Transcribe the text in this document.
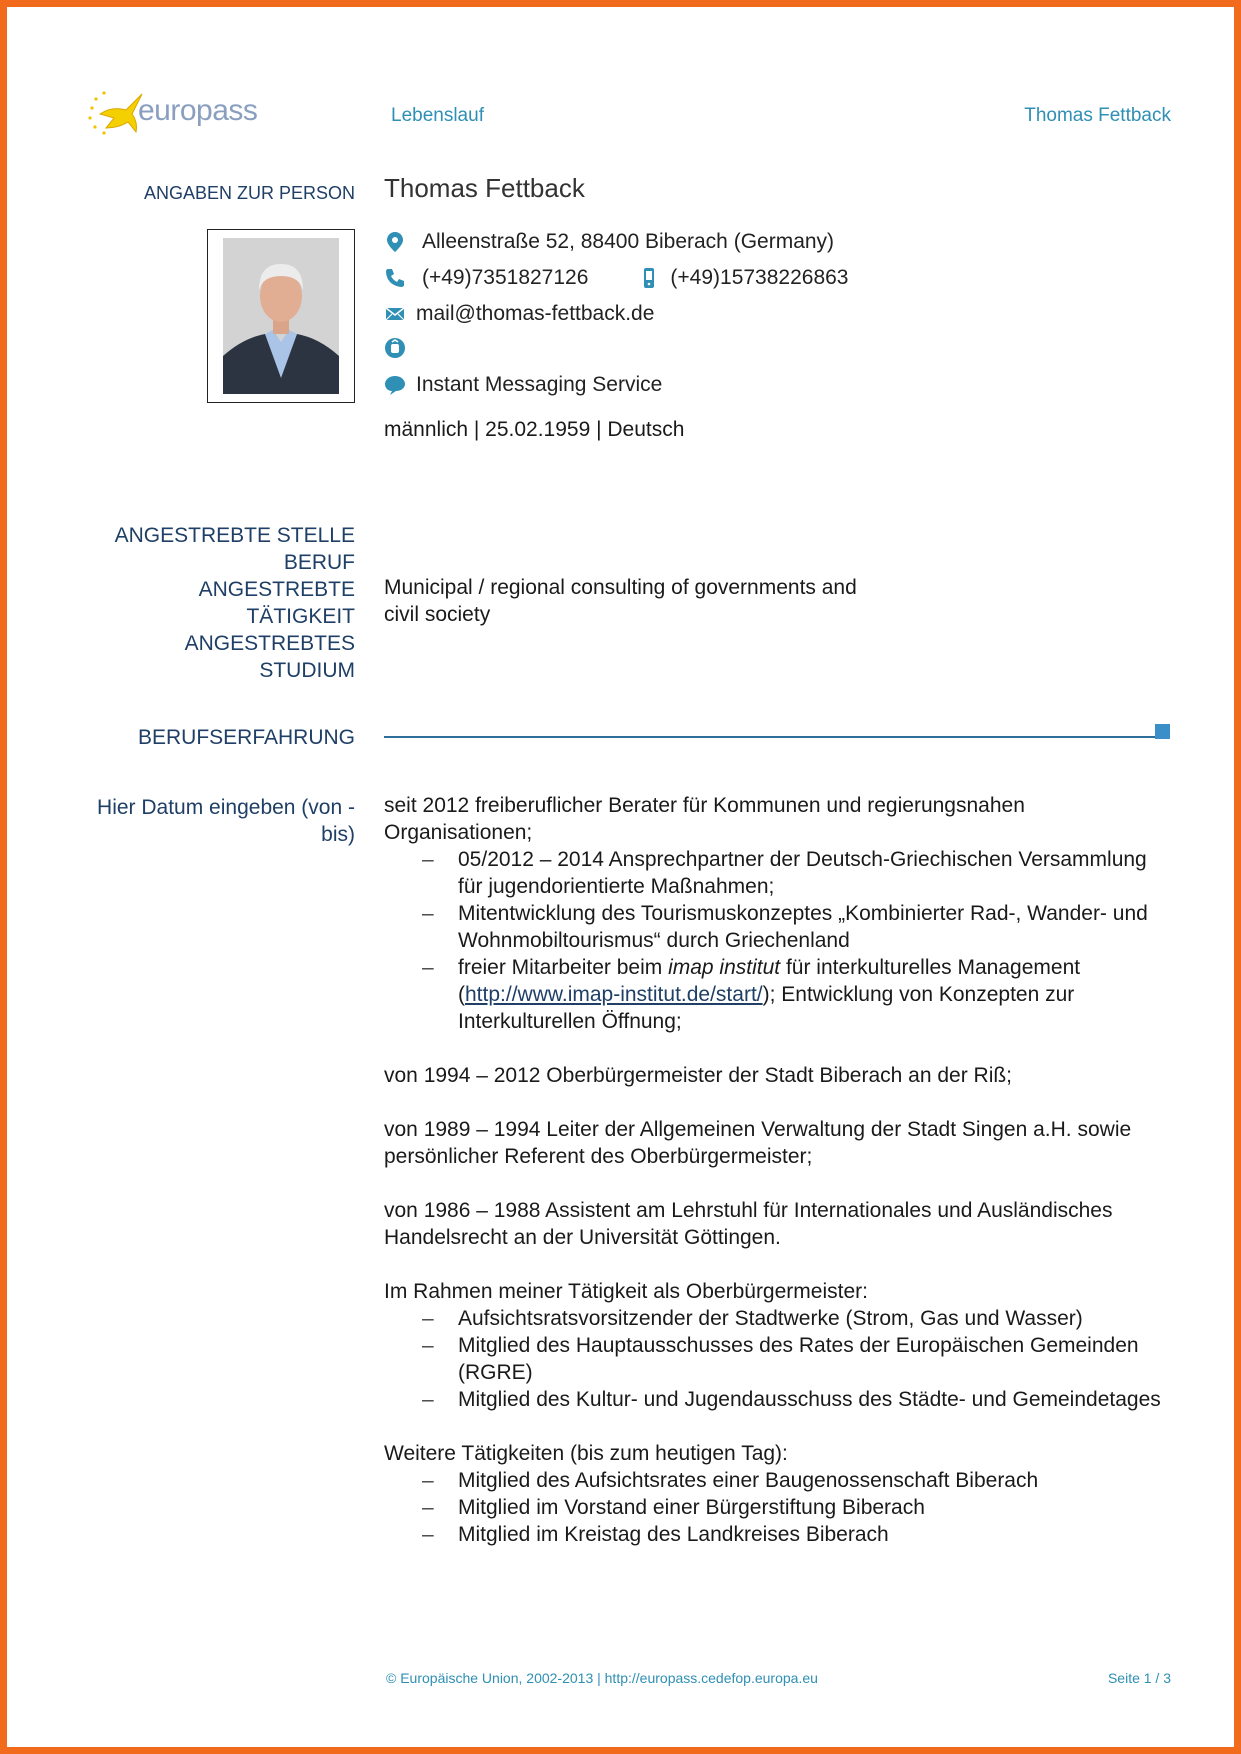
europass	Lebenslauf	Thomas Fettback
ANGABEN ZUR PERSON Thomas Fettback
Alleenstraße 52, 88400 Biberach (Germany)
(+49)7351827126	(+49)15738226863
mail@thomas-fettback.de
Instant Messaging Service
männlich | 25.02.1959 | Deutsch
ANGESTREBTE STELLE
BERUF
ANGESTREBTE
TÄTIGKEIT
ANGESTREBTES
STUDIUM
Municipal / regional consulting of governments and
civil society
BERUFSERFAHRUNG
Hier Datum eingeben (von -
bis)
seit 2012 freiberuflicher Berater für Kommunen und regierungsnahen Organisationen;
– 05/2012 – 2014 Ansprechpartner der Deutsch-Griechischen Versammlung für jugendorientierte Maßnahmen;
– Mitentwicklung des Tourismuskonzeptes „Kombinierter Rad-, Wander- und Wohnmobiltourismus“ durch Griechenland
– freier Mitarbeiter beim imap institut für interkulturelles Management (http://www.imap-institut.de/start/); Entwicklung von Konzepten zur Interkulturellen Öffnung;
von 1994 – 2012 Oberbürgermeister der Stadt Biberach an der Riß;
von 1989 – 1994 Leiter der Allgemeinen Verwaltung der Stadt Singen a.H. sowie persönlicher Referent des Oberbürgermeister;
von 1986 – 1988 Assistent am Lehrstuhl für Internationales und Ausländisches Handelsrecht an der Universität Göttingen.
Im Rahmen meiner Tätigkeit als Oberbürgermeister:
– Aufsichtsratsvorsitzender der Stadtwerke (Strom, Gas und Wasser)
– Mitglied des Hauptausschusses des Rates der Europäischen Gemeinden (RGRE)
– Mitglied des Kultur- und Jugendausschuss des Städte- und Gemeindetages
Weitere Tätigkeiten (bis zum heutigen Tag):
– Mitglied des Aufsichtsrates einer Baugenossenschaft Biberach
– Mitglied im Vorstand einer Bürgerstiftung Biberach
– Mitglied im Kreistag des Landkreises Biberach
© Europäische Union, 2002-2013 | http://europass.cedefop.europa.eu	Seite 1 / 3
